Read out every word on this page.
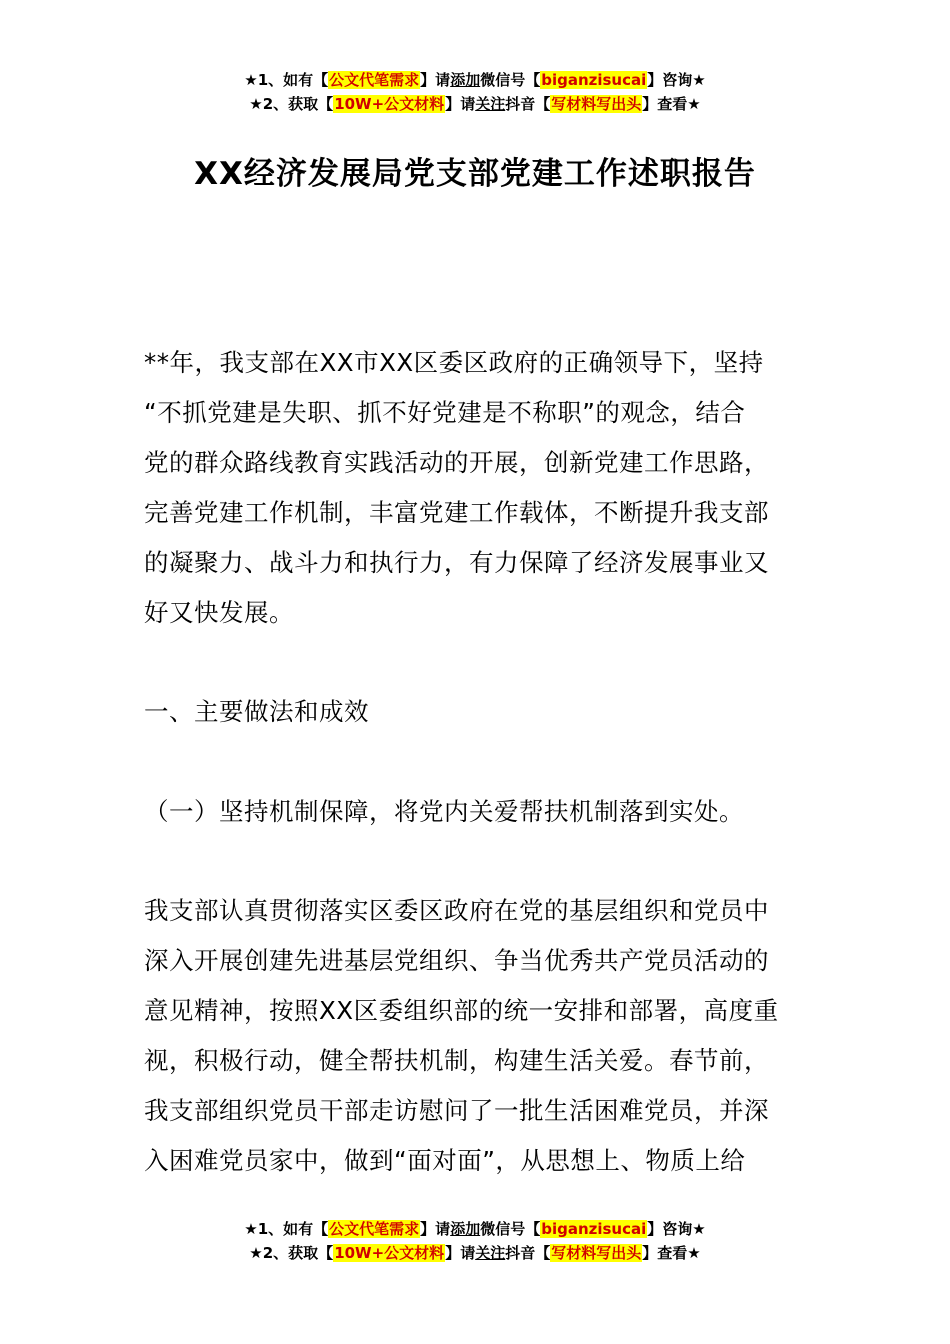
★1、如有【公文代笔需求】请添加微信号【biganzisucai】咨询★
★2、获取【10W+公文材料】请关注抖音【写材料写出头】查看★
XX经济发展局党支部党建工作述职报告
**年，我支部在XX市XX区委区政府的正确领导下，坚持
“不抓党建是失职、抓不好党建是不称职”的观念，结合
党的群众路线教育实践活动的开展，创新党建工作思路，
完善党建工作机制，丰富党建工作载体，不断提升我支部
的凝聚力、战斗力和执行力，有力保障了经济发展事业又
好又快发展。
一、主要做法和成效
（一）坚持机制保障，将党内关爱帮扶机制落到实处。
我支部认真贯彻落实区委区政府在党的基层组织和党员中
深入开展创建先进基层党组织、争当优秀共产党员活动的
意见精神，按照XX区委组织部的统一安排和部署，高度重
视，积极行动，健全帮扶机制，构建生活关爱。春节前，
我支部组织党员干部走访慰问了一批生活困难党员，并深
入困难党员家中，做到“面对面”，从思想上、物质上给
★1、如有【公文代笔需求】请添加微信号【biganzisucai】咨询★
★2、获取【10W+公文材料】请关注抖音【写材料写出头】查看★
